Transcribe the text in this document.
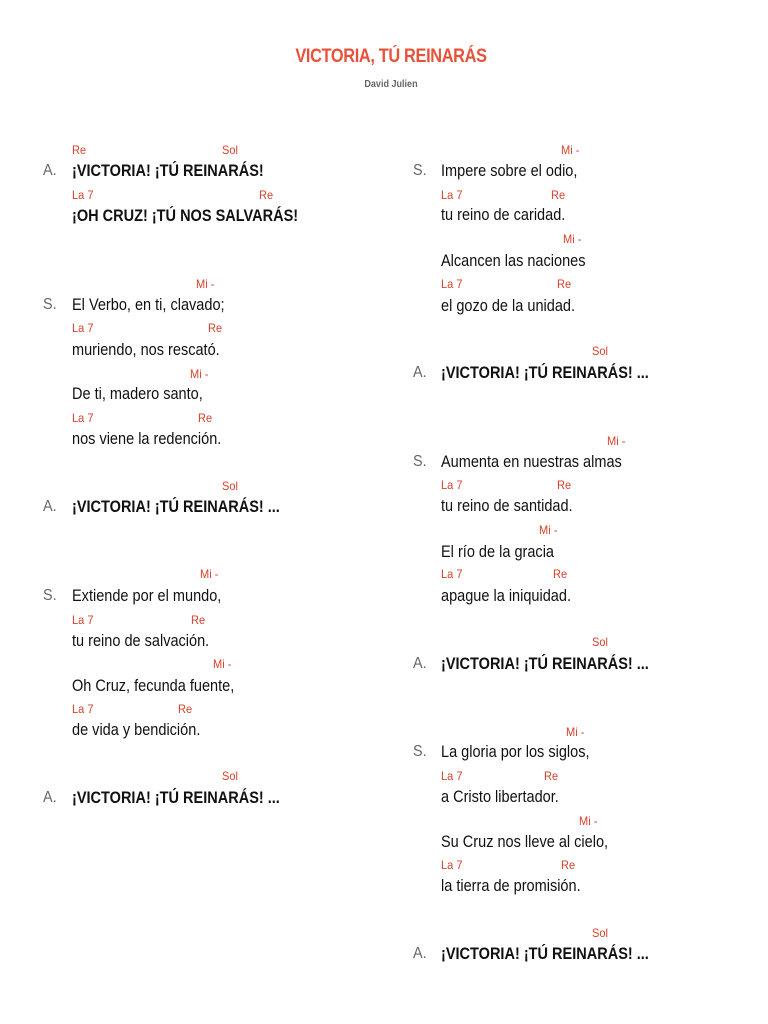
VICTORIA, TÚ REINARÁS
David Julien
Re	Sol
A. ¡VICTORIA! ¡TÚ REINARÁS!
La 7	Re
¡OH CRUZ! ¡TÚ NOS SALVARÁS!
Mi -
S. El Verbo, en ti, clavado;
La 7	Re
muriendo, nos rescató.
Mi -
De ti, madero santo,
La 7	Re
nos viene la redención.
Sol
A. ¡VICTORIA! ¡TÚ REINARÁS! ...
Mi -
S. Extiende por el mundo,
La 7	Re
tu reino de salvación.
Mi -
Oh Cruz, fecunda fuente,
La 7	Re
de vida y bendición.
Sol
A. ¡VICTORIA! ¡TÚ REINARÁS! ...
Mi -
S. Impere sobre el odio,
La 7	Re
tu reino de caridad.
Mi -
Alcancen las naciones
La 7	Re
el gozo de la unidad.
Sol
A. ¡VICTORIA! ¡TÚ REINARÁS! ...
Mi -
S. Aumenta en nuestras almas
La 7	Re
tu reino de santidad.
Mi -
El río de la gracia
La 7	Re
apague la iniquidad.
Sol
A. ¡VICTORIA! ¡TÚ REINARÁS! ...
Mi -
S. La gloria por los siglos,
La 7	Re
a Cristo libertador.
Mi -
Su Cruz nos lleve al cielo,
La 7	Re
la tierra de promisión.
Sol
A. ¡VICTORIA! ¡TÚ REINARÁS! ...
